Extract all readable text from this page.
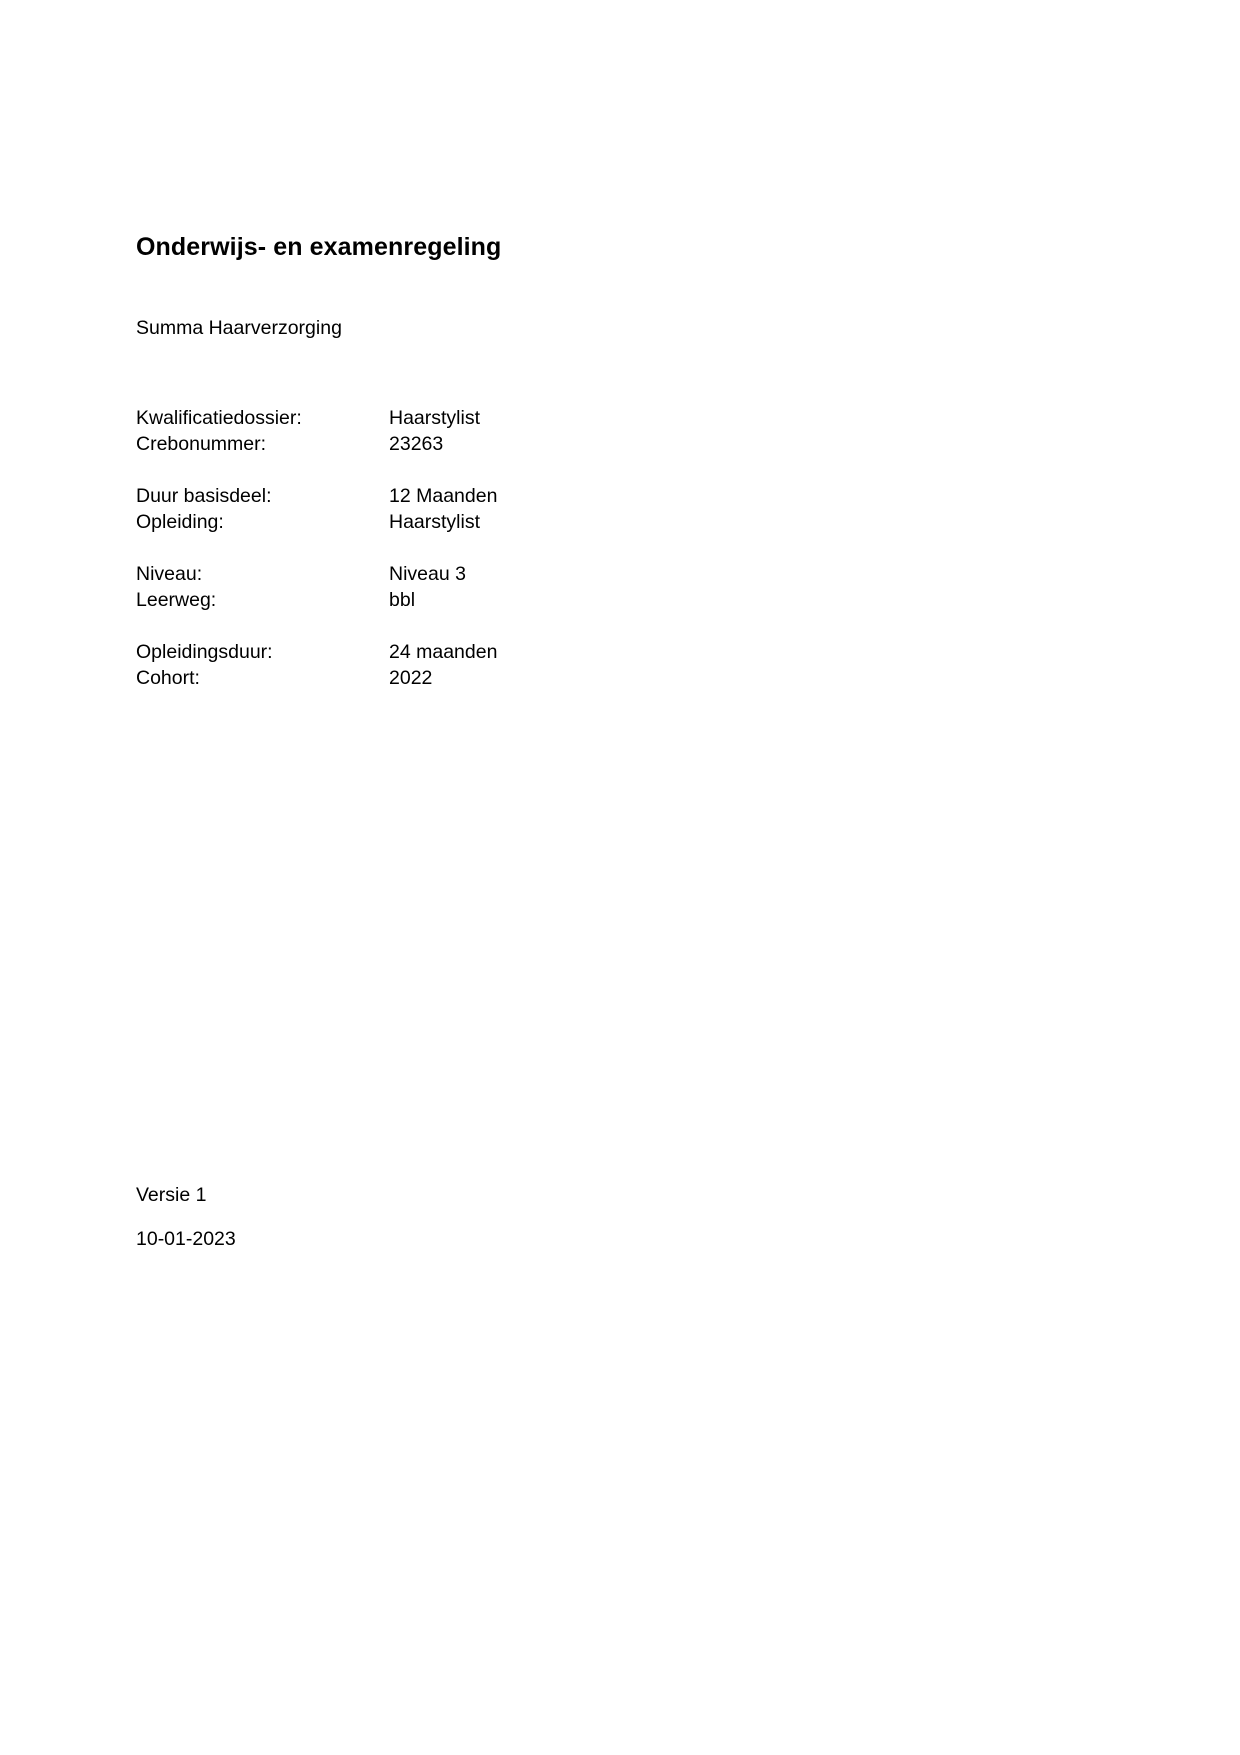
Onderwijs- en examenregeling
Summa Haarverzorging
Kwalificatiedossier:	Haarstylist
Crebonummer:	23263
Duur basisdeel:	12 Maanden
Opleiding:	Haarstylist
Niveau:	Niveau 3
Leerweg:	bbl
Opleidingsduur:	24 maanden
Cohort:	2022
Versie 1
10-01-2023
